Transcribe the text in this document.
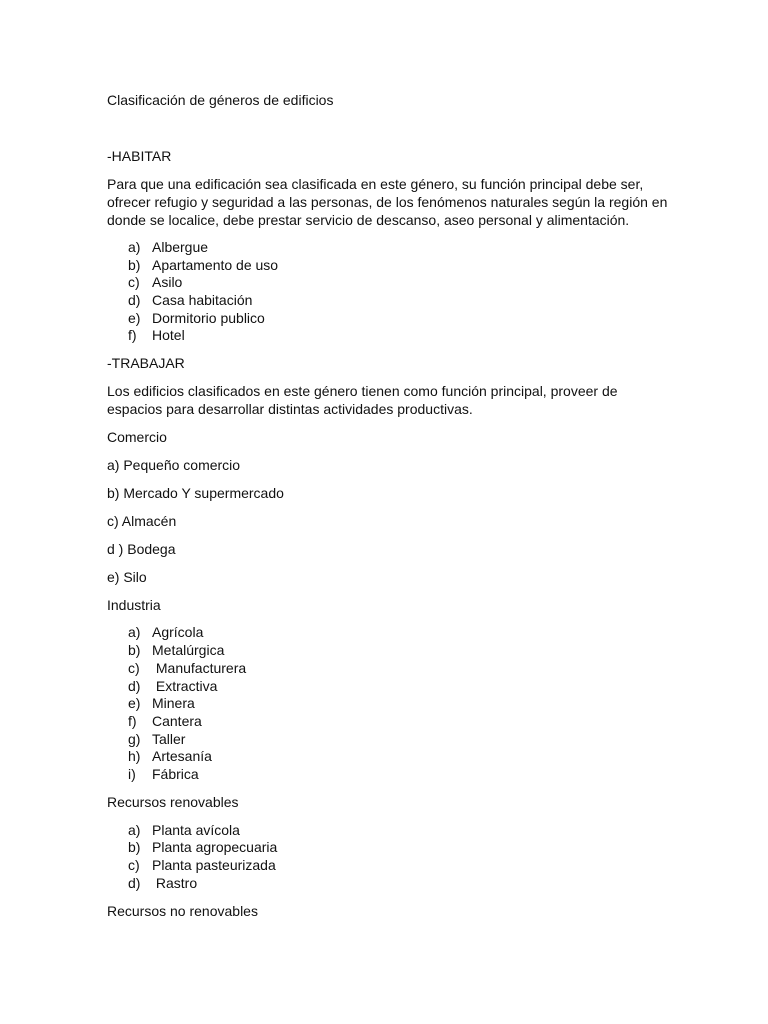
Clasificación de géneros de edificios
-HABITAR
Para que una edificación sea clasificada en este género, su función principal debe ser,
ofrecer refugio y seguridad a las personas, de los fenómenos naturales según la región en
donde se localice, debe prestar servicio de descanso, aseo personal y alimentación.
a) Albergue
b) Apartamento de uso
c) Asilo
d) Casa habitación
e) Dormitorio publico
f) Hotel
-TRABAJAR
Los edificios clasificados en este género tienen como función principal, proveer de
espacios para desarrollar distintas actividades productivas.
Comercio
a) Pequeño comercio
b) Mercado Y supermercado
c) Almacén
d ) Bodega
e) Silo
Industria
a) Agrícola
b) Metalúrgica
c) Manufacturera
d) Extractiva
e) Minera
f) Cantera
g) Taller
h) Artesanía
i) Fábrica
Recursos renovables
a) Planta avícola
b) Planta agropecuaria
c) Planta pasteurizada
d) Rastro
Recursos no renovables
